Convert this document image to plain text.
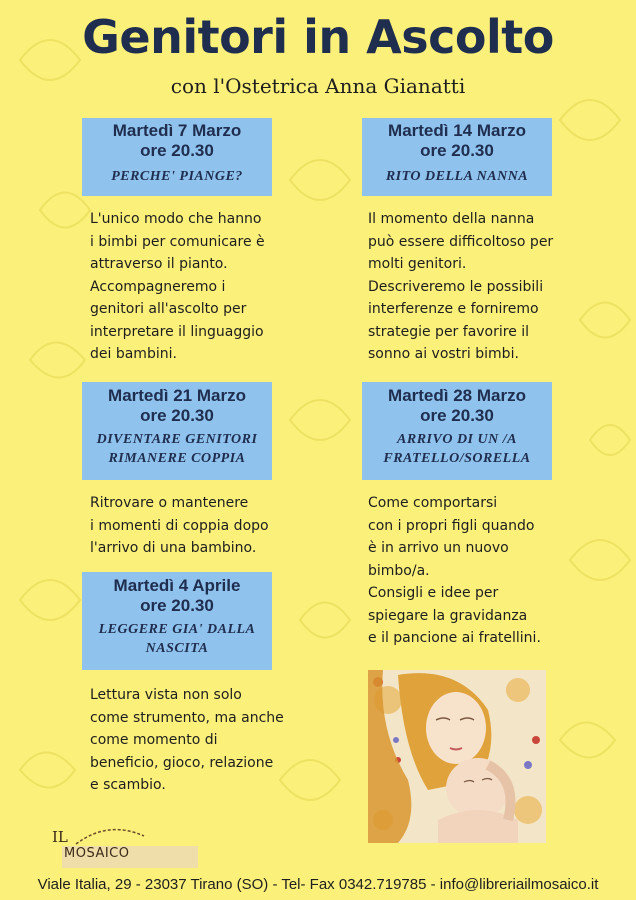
Genitori in Ascolto
con l'Ostetrica Anna Gianatti
Martedì 7 Marzo
ore 20.30
PERCHE' PIANGE?
L'unico modo che hanno
i bimbi per comunicare è
attraverso il pianto.
Accompagneremo i
genitori all'ascolto per
interpretare il linguaggio
dei bambini.
Martedì 14 Marzo
ore 20.30
RITO DELLA NANNA
Il momento della nanna
può essere difficoltoso per
molti genitori.
Descriveremo le possibili
interferenze e forniremo
strategie per favorire il
sonno ai vostri bimbi.
Martedì 21 Marzo
ore 20.30
DIVENTARE GENITORI
RIMANERE COPPIA
Ritrovare o mantenere
i momenti di coppia dopo
l'arrivo di una bambino.
Martedì 28 Marzo
ore 20.30
ARRIVO DI UN /A
FRATELLO/SORELLA
Come comportarsi
con i propri figli quando
è in arrivo un nuovo
bimbo/a.
Consigli e idee per
spiegare la gravidanza
e il pancione ai fratellini.
Martedì 4 Aprile
ore 20.30
LEGGERE GIA' DALLA
NASCITA
Lettura vista non solo
come strumento, ma anche
come momento di
beneficio, gioco, relazione
e scambio.
IL
MOSAICO
Viale Italia, 29 - 23037 Tirano (SO) - Tel- Fax 0342.719785 - info@libreriailmosaico.it
